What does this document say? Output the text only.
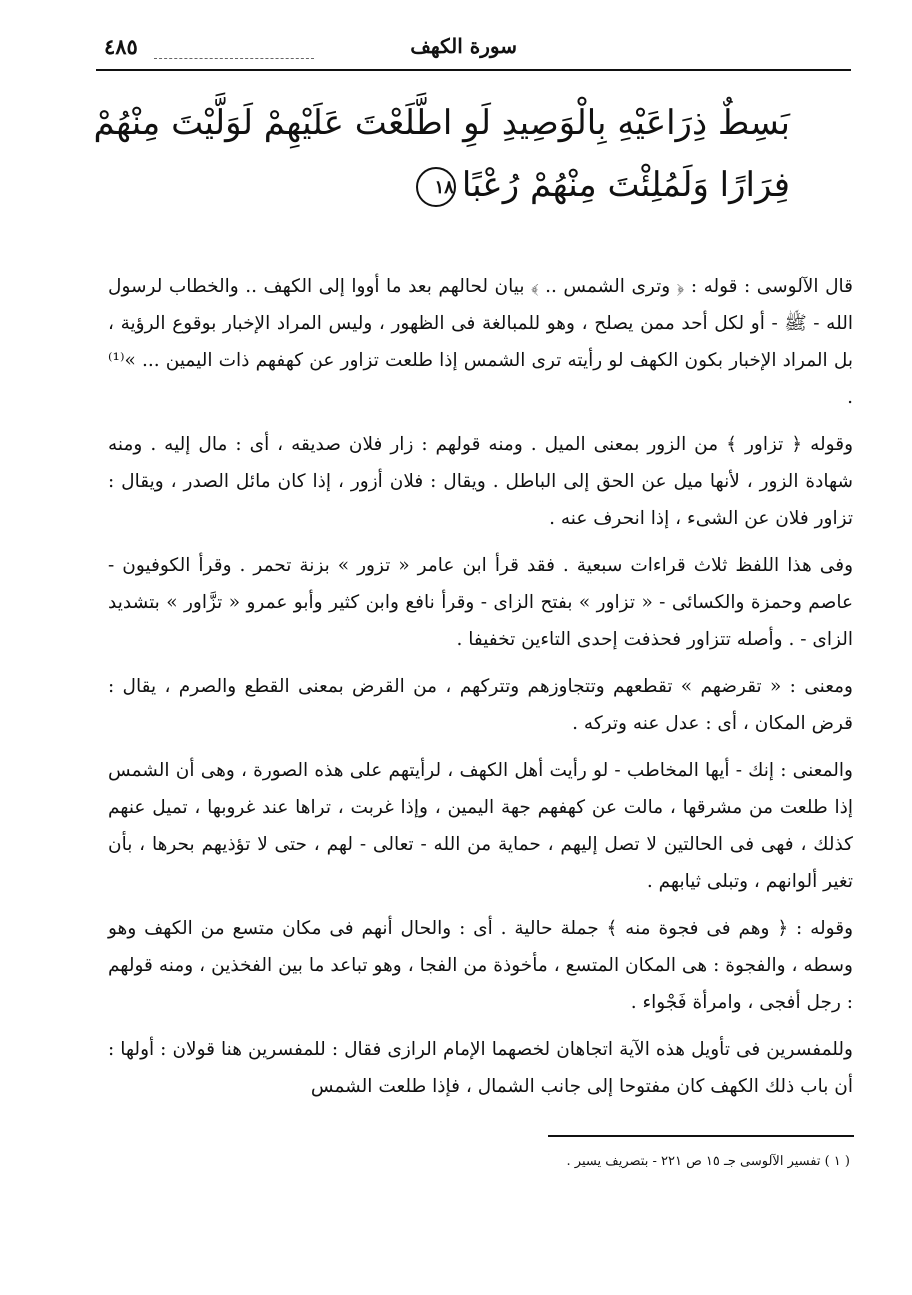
سورة الكهف
٤٨٥
بَسِطٌ ذِرَاعَيْهِ بِالْوَصِيدِ لَوِ اطَّلَعْتَ عَلَيْهِمْ لَوَلَّيْتَ مِنْهُمْ
فِرَارًا وَلَمُلِئْتَ مِنْهُمْ رُعْبًا١٨

قال الآلوسى : قوله : ﴿ وترى الشمس .. ﴾ بيان لحالهم بعد ما أووا إلى الكهف .. والخطاب لرسول الله - ﷺ - أو لكل أحد ممن يصلح ، وهو للمبالغة فى الظهور ، وليس المراد الإخبار بوقوع الرؤية ، بل المراد الإخبار بكون الكهف لو رأيته ترى الشمس إذا طلعت تزاور عن كهفهم ذات اليمين ... »⁽¹⁾ .

وقوله ﴿ تزاور ﴾ من الزور بمعنى الميل . ومنه قولهم : زار فلان صديقه ، أى : مال إليه . ومنه شهادة الزور ، لأنها ميل عن الحق إلى الباطل . ويقال : فلان أزور ، إذا كان مائل الصدر ، ويقال : تزاور فلان عن الشىء ، إذا انحرف عنه .

وفى هذا اللفظ ثلاث قراءات سبعية . فقد قرأ ابن عامر « تزور » بزنة تحمر . وقرأ الكوفيون - عاصم وحمزة والكسائى - « تزاور » بفتح الزاى - وقرأ نافع وابن كثير وأبو عمرو « تزَّاور » بتشديد الزاى - . وأصله تتزاور فحذفت إحدى التاءين تخفيفا .

ومعنى : « تقرضهم » تقطعهم وتتجاوزهم وتتركهم ، من القرض بمعنى القطع والصرم ، يقال : قرض المكان ، أى : عدل عنه وتركه .

والمعنى : إنك - أيها المخاطب - لو رأيت أهل الكهف ، لرأيتهم على هذه الصورة ، وهى أن الشمس إذا طلعت من مشرقها ، مالت عن كهفهم جهة اليمين ، وإذا غربت ، تراها عند غروبها ، تميل عنهم كذلك ، فهى فى الحالتين لا تصل إليهم ، حماية من الله - تعالى - لهم ، حتى لا تؤذيهم بحرها ، بأن تغير ألوانهم ، وتبلى ثيابهم .

وقوله : ﴿ وهم فى فجوة منه ﴾ جملة حالية . أى : والحال أنهم فى مكان متسع من الكهف وهو وسطه ، والفجوة : هى المكان المتسع ، مأخوذة من الفجا ، وهو تباعد ما بين الفخذين ، ومنه قولهم : رجل أفجى ، وامرأة فَجْواء .

وللمفسرين فى تأويل هذه الآية اتجاهان لخصهما الإمام الرازى فقال : للمفسرين هنا قولان : أولها : أن باب ذلك الكهف كان مفتوحا إلى جانب الشمال ، فإذا طلعت الشمس

( ١ ) تفسير الآلوسى جـ ١٥ ص ٢٢١ - بتصريف يسير .
